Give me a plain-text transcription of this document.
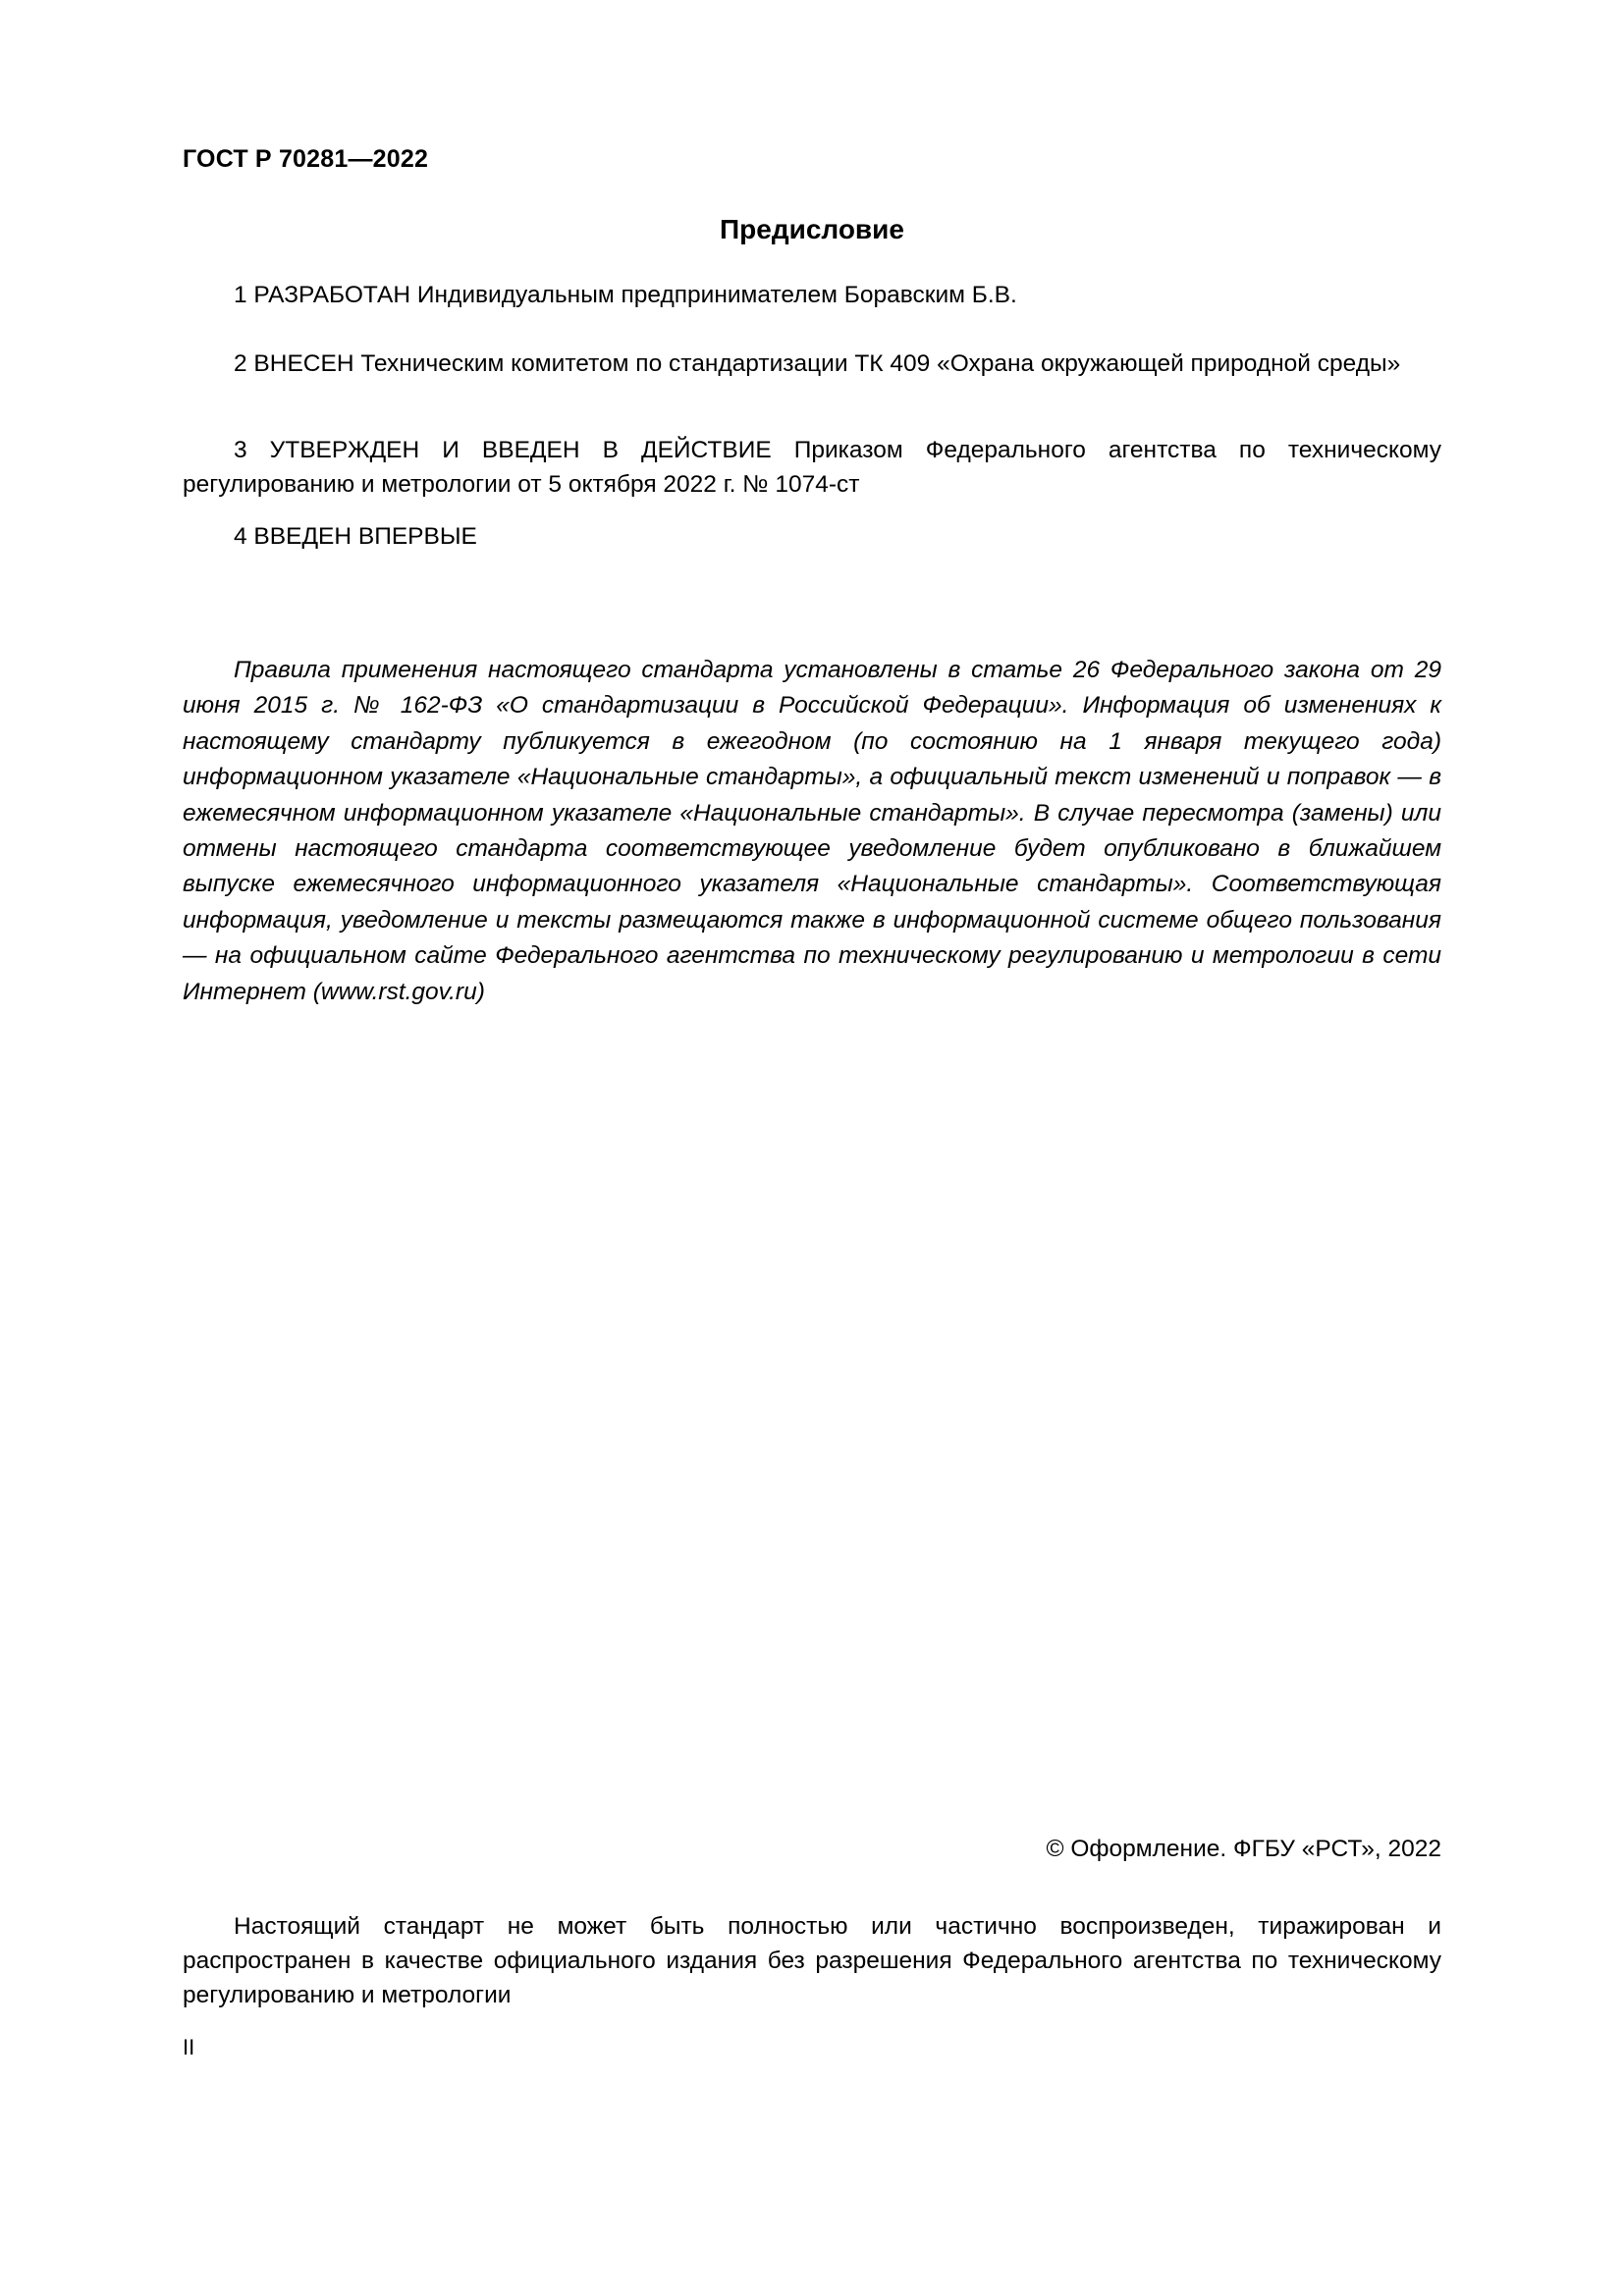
ГОСТ Р 70281—2022
Предисловие
1 РАЗРАБОТАН Индивидуальным предпринимателем Боравским Б.В.
2 ВНЕСЕН Техническим комитетом по стандартизации ТК 409 «Охрана окружающей природной среды»
3 УТВЕРЖДЕН И ВВЕДЕН В ДЕЙСТВИЕ Приказом Федерального агентства по техническому регулированию и метрологии от 5 октября 2022 г. № 1074-ст
4 ВВЕДЕН ВПЕРВЫЕ
Правила применения настоящего стандарта установлены в статье 26 Федерального закона от 29 июня 2015 г. № 162-ФЗ «О стандартизации в Российской Федерации». Информация об изменениях к настоящему стандарту публикуется в ежегодном (по состоянию на 1 января текущего года) информационном указателе «Национальные стандарты», а официальный текст изменений и поправок — в ежемесячном информационном указателе «Национальные стандарты». В случае пересмотра (замены) или отмены настоящего стандарта соответствующее уведомление будет опубликовано в ближайшем выпуске ежемесячного информационного указателя «Национальные стандарты». Соответствующая информация, уведомление и тексты размещаются также в информационной системе общего пользования — на официальном сайте Федерального агентства по техническому регулированию и метрологии в сети Интернет (www.rst.gov.ru)
© Оформление. ФГБУ «РСТ», 2022
Настоящий стандарт не может быть полностью или частично воспроизведен, тиражирован и распространен в качестве официального издания без разрешения Федерального агентства по техническому регулированию и метрологии
II
